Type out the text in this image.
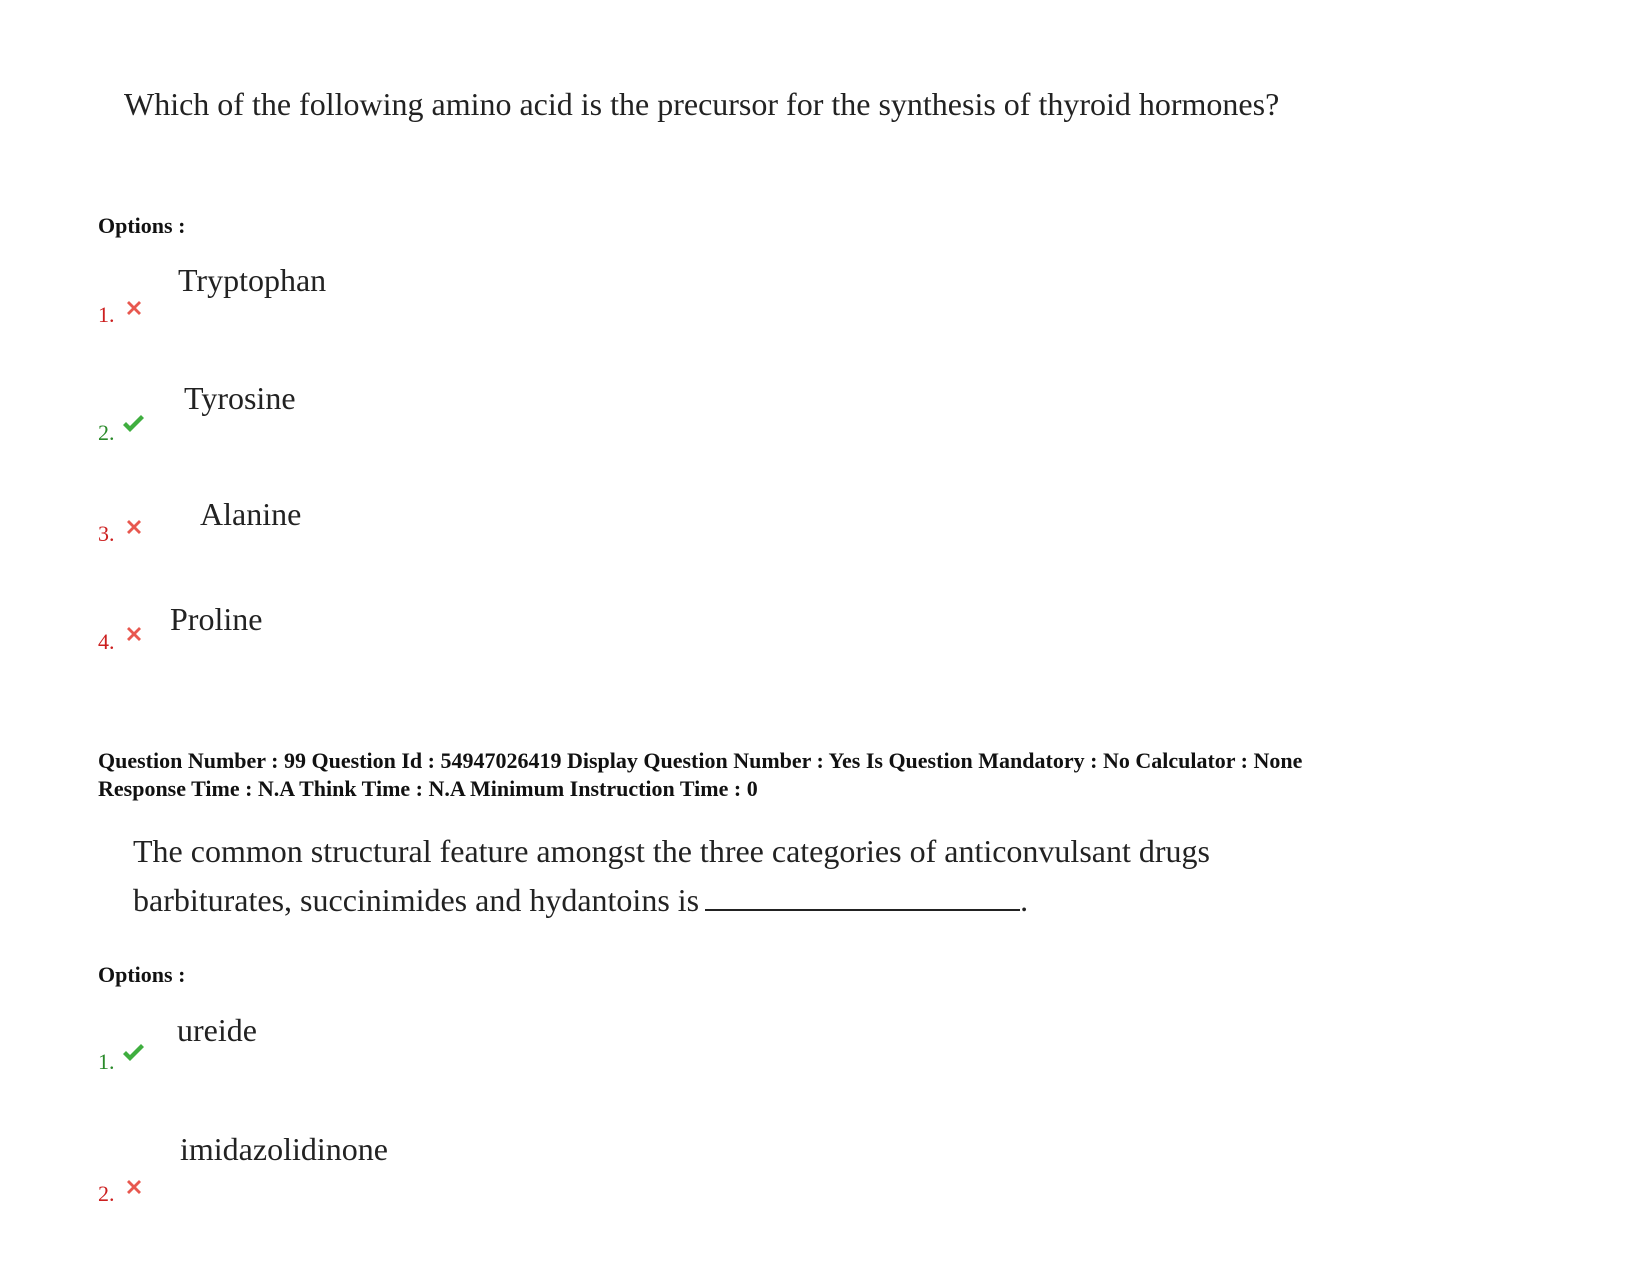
Which of the following amino acid is the precursor for the synthesis of thyroid hormones?
Options :
1.
Tryptophan
2.
Tyrosine
3.
Alanine
4.
Proline
Question Number : 99 Question Id : 54947026419 Display Question Number : Yes Is Question Mandatory : No Calculator : None
Response Time : N.A Think Time : N.A Minimum Instruction Time : 0
The common structural feature amongst the three categories of anticonvulsant drugs
barbiturates, succinimides and hydantoins is	.
Options :
1.
ureide
2.
imidazolidinone
